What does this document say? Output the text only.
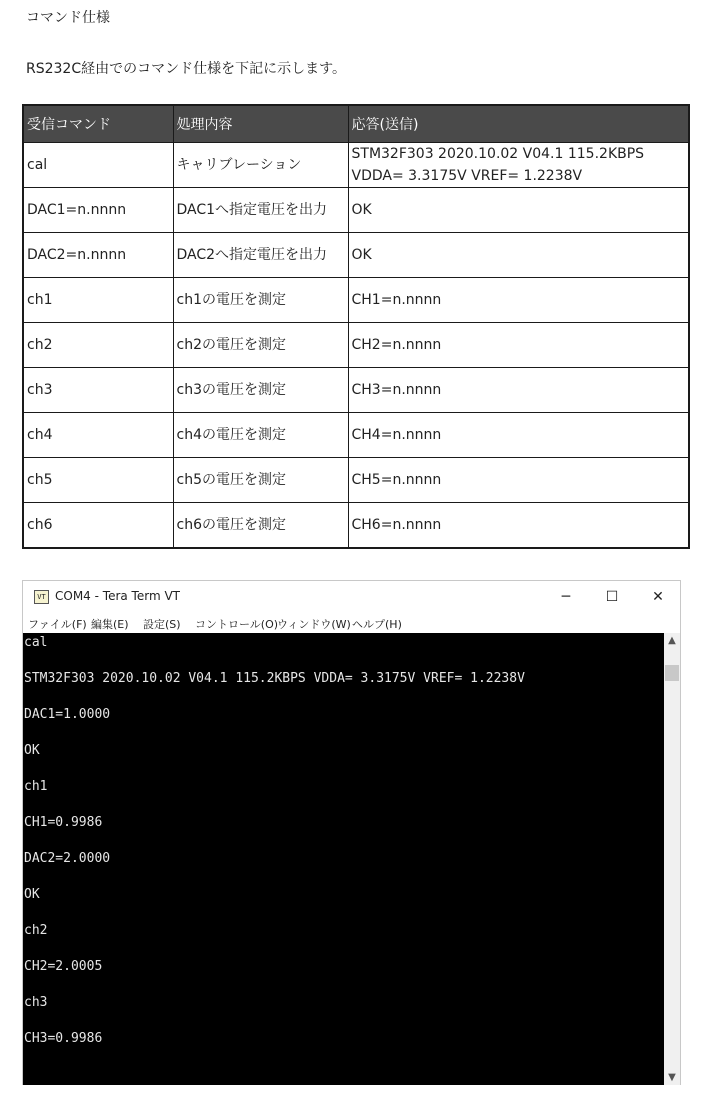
コマンド仕様
RS232C経由でのコマンド仕様を下記に示します。
受信コマンド	処理内容	応答(送信)
cal	キャリブレーション	STM32F303 2020.10.02 V04.1 115.2KBPS VDDA= 3.3175V VREF= 1.2238V
DAC1=n.nnnn	DAC1へ指定電圧を出力	OK
DAC2=n.nnnn	DAC2へ指定電圧を出力	OK
ch1	ch1の電圧を測定	CH1=n.nnnn
ch2	ch2の電圧を測定	CH2=n.nnnn
ch3	ch3の電圧を測定	CH3=n.nnnn
ch4	ch4の電圧を測定	CH4=n.nnnn
ch5	ch5の電圧を測定	CH5=n.nnnn
ch6	ch6の電圧を測定	CH6=n.nnnn
VT COM4 - Tera Term VT	─	☐	✕
ファイル(F) 編集(E) 設定(S) コントロール(O)
ウィンドウ(W) ヘルプ(H)
cal
STM32F303 2020.10.02 V04.1 115.2KBPS VDDA= 3.3175V VREF= 1.2238V
DAC1=1.0000
OK
ch1
CH1=0.9986
DAC2=2.0000
OK
ch2
CH2=2.0005
ch3
CH3=0.9986
▲
▼
